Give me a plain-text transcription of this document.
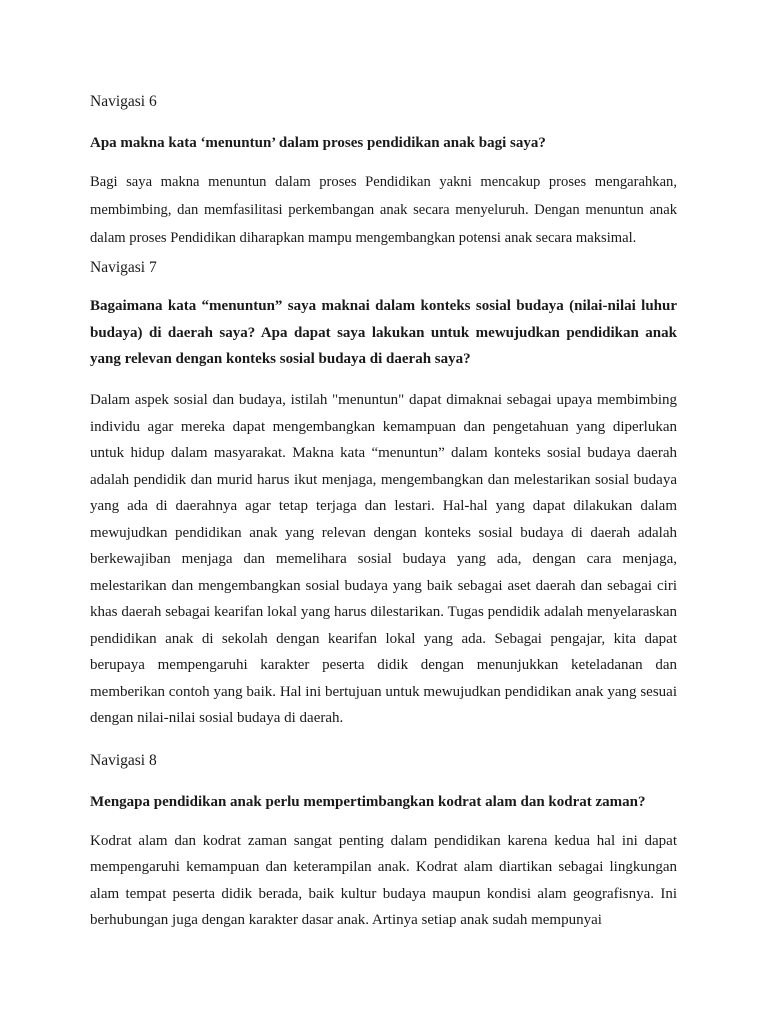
Navigasi 6
Apa makna kata ‘menuntun’ dalam proses pendidikan anak bagi saya?
Bagi saya makna menuntun dalam proses Pendidikan yakni mencakup proses mengarahkan, membimbing, dan memfasilitasi perkembangan anak secara menyeluruh. Dengan menuntun anak dalam proses Pendidikan diharapkan mampu mengembangkan potensi anak secara maksimal.
Navigasi 7
Bagaimana kata “menuntun” saya maknai dalam konteks sosial budaya (nilai-nilai luhur budaya) di daerah saya? Apa dapat saya lakukan untuk mewujudkan pendidikan anak yang relevan dengan konteks sosial budaya di daerah saya?
Dalam aspek sosial dan budaya, istilah "menuntun" dapat dimaknai sebagai upaya membimbing individu agar mereka dapat mengembangkan kemampuan dan pengetahuan yang diperlukan untuk hidup dalam masyarakat. Makna kata “menuntun” dalam konteks sosial budaya daerah adalah pendidik dan murid harus ikut menjaga, mengembangkan dan melestarikan sosial budaya yang ada di daerahnya agar tetap terjaga dan lestari. Hal-hal yang dapat dilakukan dalam mewujudkan pendidikan anak yang relevan dengan konteks sosial budaya di daerah adalah berkewajiban menjaga dan memelihara sosial budaya yang ada, dengan cara menjaga, melestarikan dan mengembangkan sosial budaya yang baik sebagai aset daerah dan sebagai ciri khas daerah sebagai kearifan lokal yang harus dilestarikan. Tugas pendidik adalah menyelaraskan pendidikan anak di sekolah dengan kearifan lokal yang ada. Sebagai pengajar, kita dapat berupaya mempengaruhi karakter peserta didik dengan menunjukkan keteladanan dan memberikan contoh yang baik. Hal ini bertujuan untuk mewujudkan pendidikan anak yang sesuai dengan nilai-nilai sosial budaya di daerah.
Navigasi 8
Mengapa pendidikan anak perlu mempertimbangkan kodrat alam dan kodrat zaman?
Kodrat alam dan kodrat zaman sangat penting dalam pendidikan karena kedua hal ini dapat mempengaruhi kemampuan dan keterampilan anak. Kodrat alam diartikan sebagai lingkungan alam tempat peserta didik berada, baik kultur budaya maupun kondisi alam geografisnya. Ini berhubungan juga dengan karakter dasar anak. Artinya setiap anak sudah mempunyai
